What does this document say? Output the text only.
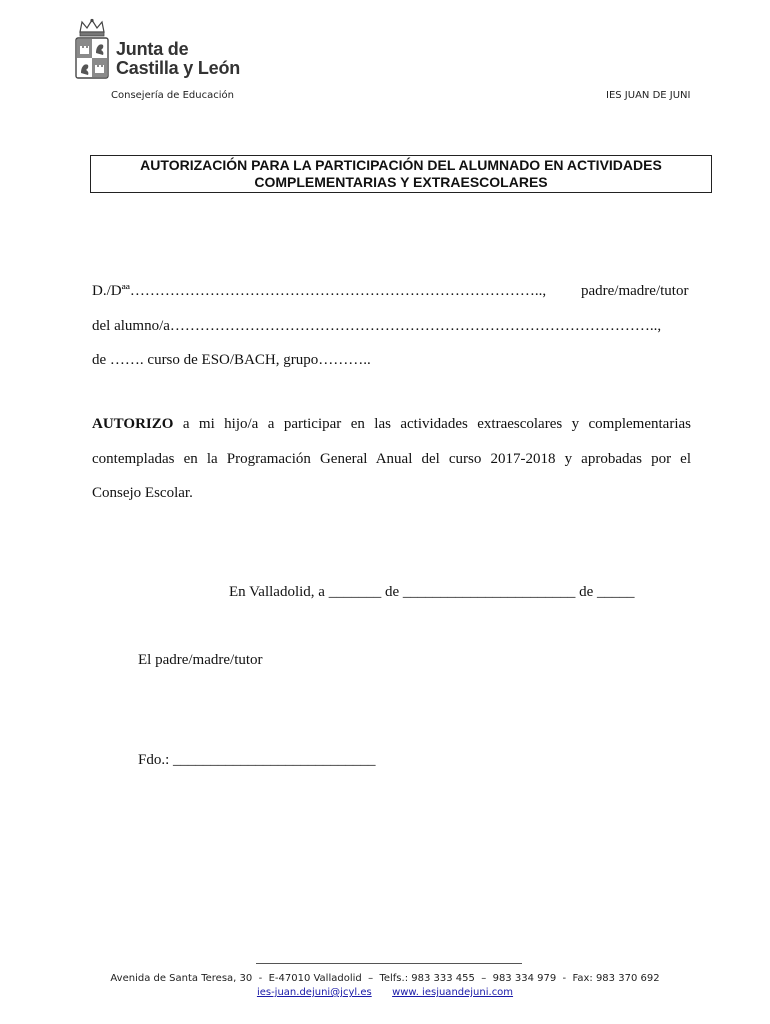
Junta de
Castilla y León
Consejería de Educación	IES JUAN DE JUNI
AUTORIZACIÓN PARA LA PARTICIPACIÓN DEL ALUMNADO EN ACTIVIDADES
COMPLEMENTARIAS Y EXTRAESCOLARES
D./Dªª……………………………………………………………………….., padre/madre/tutor
del alumno/a……………………………………………………………………………………..,
de ……. curso de ESO/BACH, grupo………..
AUTORIZO a mi hijo/a a participar en las actividades extraescolares y complementarias
contempladas en la Programación General Anual del curso 2017-2018 y aprobadas por el
Consejo Escolar.
En Valladolid, a _______ de _______________________ de _____
El padre/madre/tutor
Fdo.: ___________________________
Avenida de Santa Teresa, 30  -  E-47010 Valladolid  –  Telfs.: 983 333 455  –  983 334 979  -  Fax: 983 370 692
ies-juan.dejuni@jcyl.es www. iesjuandejuni.com
